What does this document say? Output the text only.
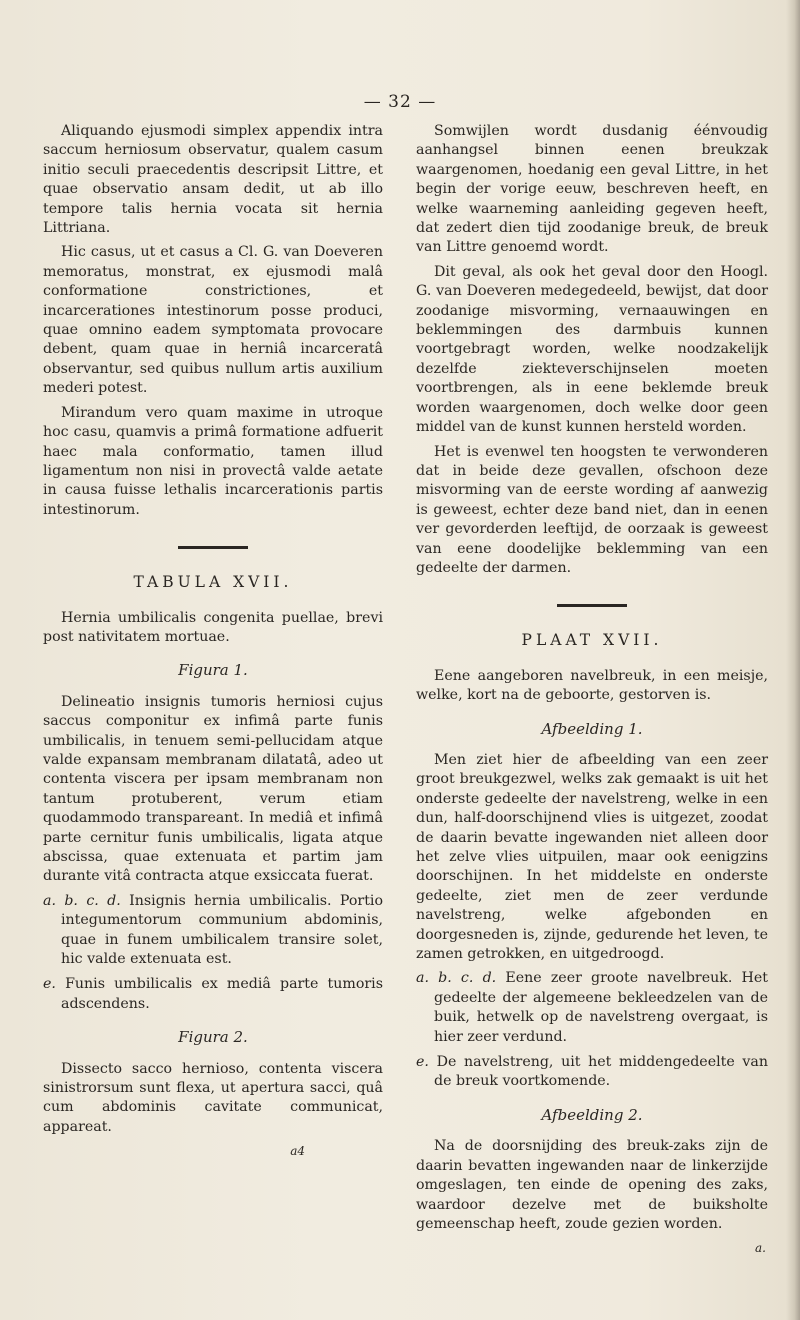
— 32 —

Aliquando ejusmodi simplex appendix intra saccum herniosum observatur, qualem casum initio seculi praecedentis descripsit Littre, et quae observatio ansam dedit, ut ab illo tempore talis hernia vocata sit hernia Littriana.

Hic casus, ut et casus a Cl. G. van Doeveren memoratus, monstrat, ex ejusmodi malâ conformatione constrictiones, et incarcerationes intestinorum posse produci, quae omnino eadem symptomata provocare debent, quam quae in herniâ incarceratâ observantur, sed quibus nullum artis auxilium mederi potest.

Mirandum vero quam maxime in utroque hoc casu, quamvis a primâ formatione adfuerit haec mala conformatio, tamen illud ligamentum non nisi in provectâ valde aetate in causa fuisse lethalis incarcerationis partis intestinorum.

TABULA XVII.

Hernia umbilicalis congenita puellae, brevi post nativitatem mortuae.

Figura 1.

Delineatio insignis tumoris herniosi cujus saccus componitur ex infimâ parte funis umbilicalis, in tenuem semi-pellucidam atque valde expansam membranam dilatatâ, adeo ut contenta viscera per ipsam membranam non tantum protuberent, verum etiam quodammodo transpareant. In mediâ et infimâ parte cernitur funis umbilicalis, ligata atque abscissa, quae extenuata et partim jam durante vitâ contracta atque exsiccata fuerat.

a. b. c. d. Insignis hernia umbilicalis. Portio integumentorum communium abdominis, quae in funem umbilicalem transire solet, hic valde extenuata est.

e. Funis umbilicalis ex mediâ parte tumoris adscendens.

Figura 2.

Dissecto sacco hernioso, contenta viscera sinistrorsum sunt flexa, ut apertura sacci, quâ cum abdominis cavitate communicat, appareat.

a4

Somwijlen wordt dusdanig éénvoudig aanhangsel binnen eenen breukzak waargenomen, hoedanig een geval Littre, in het begin der vorige eeuw, beschreven heeft, en welke waarneming aanleiding gegeven heeft, dat zedert dien tijd zoodanige breuk, de breuk van Littre genoemd wordt.

Dit geval, als ook het geval door den Hoogl. G. van Doeveren medegedeeld, bewijst, dat door zoodanige misvorming, vernaauwingen en beklemmingen des darmbuis kunnen voortgebragt worden, welke noodzakelijk dezelfde ziekteverschijnselen moeten voortbrengen, als in eene beklemde breuk worden waargenomen, doch welke door geen middel van de kunst kunnen hersteld worden.

Het is evenwel ten hoogsten te verwonderen dat in beide deze gevallen, ofschoon deze misvorming van de eerste wording af aanwezig is geweest, echter deze band niet, dan in eenen ver gevorderden leeftijd, de oorzaak is geweest van eene doodelijke beklemming van een gedeelte der darmen.

PLAAT XVII.

Eene aangeboren navelbreuk, in een meisje, welke, kort na de geboorte, gestorven is.

Afbeelding 1.

Men ziet hier de afbeelding van een zeer groot breukgezwel, welks zak gemaakt is uit het onderste gedeelte der navelstreng, welke in een dun, half-doorschijnend vlies is uitgezet, zoodat de daarin bevatte ingewanden niet alleen door het zelve vlies uitpuilen, maar ook eenigzins doorschijnen. In het middelste en onderste gedeelte, ziet men de zeer verdunde navelstreng, welke afgebonden en doorgesneden is, zijnde, gedurende het leven, te zamen getrokken, en uitgedroogd.

a. b. c. d. Eene zeer groote navelbreuk. Het gedeelte der algemeene bekleedzelen van de buik, hetwelk op de navelstreng overgaat, is hier zeer verdund.

e. De navelstreng, uit het middengedeelte van de breuk voortkomende.

Afbeelding 2.

Na de doorsnijding des breuk-zaks zijn de daarin bevatten ingewanden naar de linkerzijde omgeslagen, ten einde de opening des zaks, waardoor dezelve met de buiksholte gemeenschap heeft, zoude gezien worden.

a.
